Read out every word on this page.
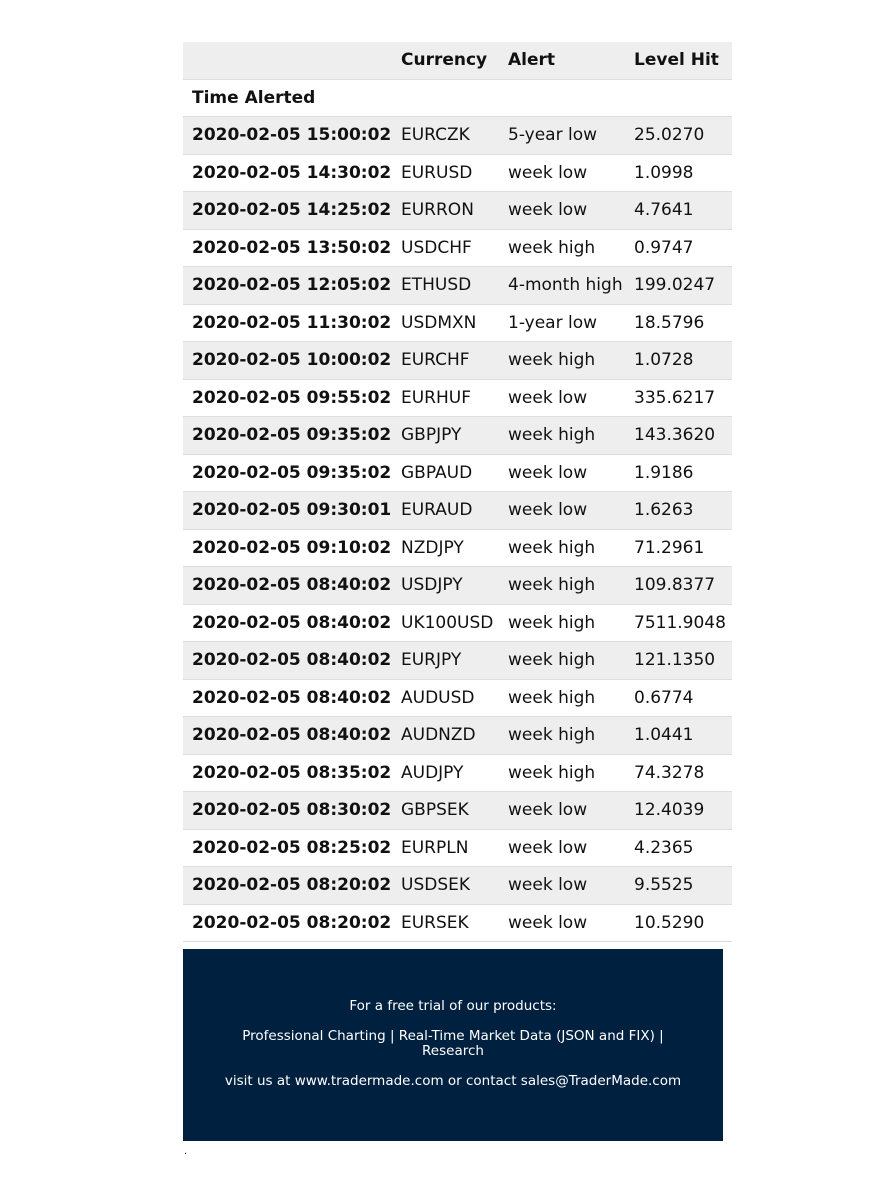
	Currency	Alert	Level Hit
Time Alerted			
2020-02-05 15:00:02	EURCZK	5-year low	25.0270
2020-02-05 14:30:02	EURUSD	week low	1.0998
2020-02-05 14:25:02	EURRON	week low	4.7641
2020-02-05 13:50:02	USDCHF	week high	0.9747
2020-02-05 12:05:02	ETHUSD	4-month high	199.0247
2020-02-05 11:30:02	USDMXN	1-year low	18.5796
2020-02-05 10:00:02	EURCHF	week high	1.0728
2020-02-05 09:55:02	EURHUF	week low	335.6217
2020-02-05 09:35:02	GBPJPY	week high	143.3620
2020-02-05 09:35:02	GBPAUD	week low	1.9186
2020-02-05 09:30:01	EURAUD	week low	1.6263
2020-02-05 09:10:02	NZDJPY	week high	71.2961
2020-02-05 08:40:02	USDJPY	week high	109.8377
2020-02-05 08:40:02	UK100USD	week high	7511.9048
2020-02-05 08:40:02	EURJPY	week high	121.1350
2020-02-05 08:40:02	AUDUSD	week high	0.6774
2020-02-05 08:40:02	AUDNZD	week high	1.0441
2020-02-05 08:35:02	AUDJPY	week high	74.3278
2020-02-05 08:30:02	GBPSEK	week low	12.4039
2020-02-05 08:25:02	EURPLN	week low	4.2365
2020-02-05 08:20:02	USDSEK	week low	9.5525
2020-02-05 08:20:02	EURSEK	week low	10.5290

For a free trial of our products:

Professional Charting | Real-Time Market Data (JSON and FIX) | Research

visit us at www.tradermade.com or contact sales@TraderMade.com

.
